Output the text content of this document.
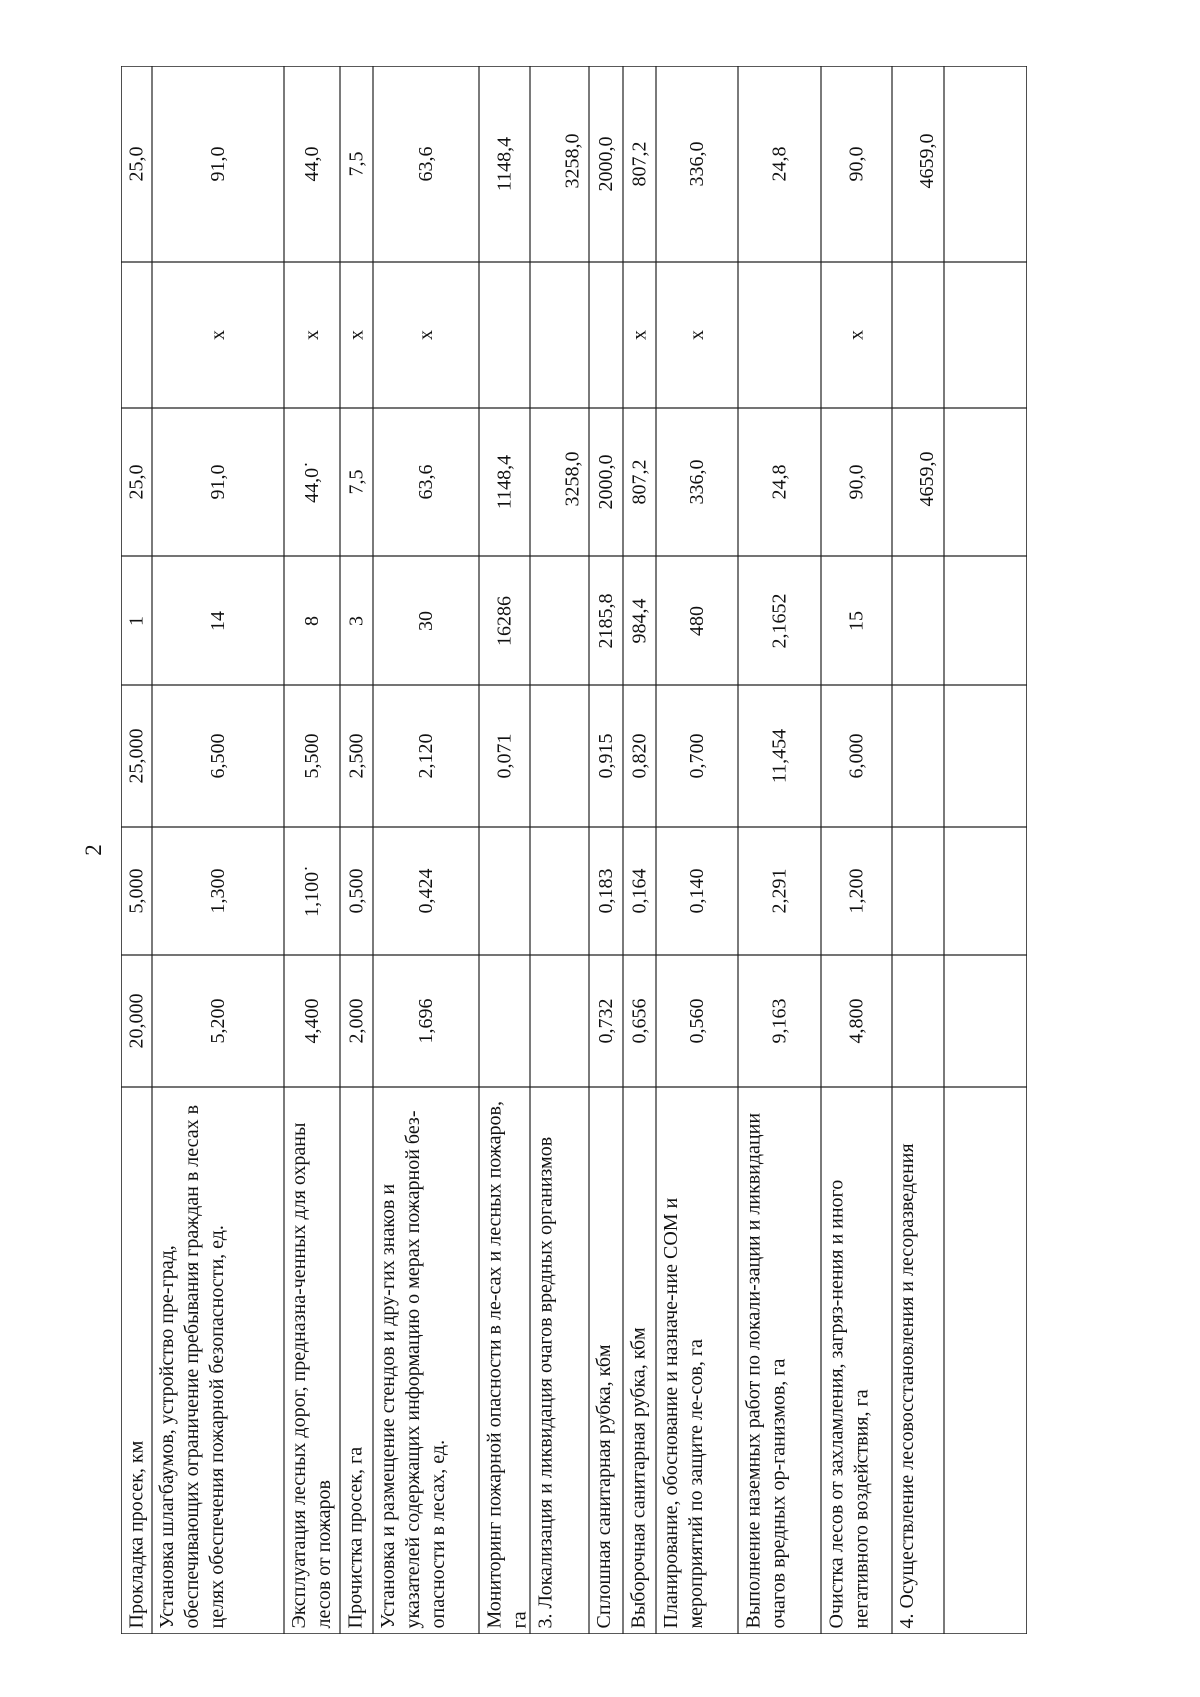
2
Прокладка просек, км
20,000
5,000
25,000
1
25,0
25,0
Установка шлагбаумов, устройство пре-град, обеспечивающих ограничение пребывания граждан в лесах в целях обеспечения пожарной безопасности, ед.
5,200
1,300
6,500
14
91,0
х
91,0
Эксплуатация лесных дорог, предназна-ченных для охраны лесов от пожаров
4,400
1,100˙
5,500
8
44,0˙
х
44,0
Прочистка просек, га
2,000
0,500
2,500
3
7,5
х
7,5
Установка и размещение стендов и дру-гих знаков и указателей содержащих информацию о мерах пожарной без-опасности в лесах, ед.
1,696
0,424
2,120
30
63,6
х
63,6
Мониторинг пожарной опасности в ле-сах и лесных пожаров, га
0,071
16286
1148,4
1148,4
3. Локализация и ликвидация очагов вредных организмов
3258,0
3258,0
Сплошная санитарная рубка, кбм
0,732
0,183
0,915
2185,8
2000,0
2000,0
Выборочная санитарная рубка, кбм
0,656
0,164
0,820
984,4
807,2
х
807,2
Планирование, обоснование и назначе-ние СОМ и мероприятий по защите ле-сов, га
0,560
0,140
0,700
480
336,0
х
336,0
Выполнение наземных работ по локали-зации и ликвидации очагов вредных ор-ганизмов, га
9,163
2,291
11,454
2,1652
24,8
24,8
Очистка лесов от захламления, загряз-нения и иного негативного воздействия, га
4,800
1,200
6,000
15
90,0
х
90,0
4. Осуществление лесовосстановления и лесоразведения
4659,0
4659,0
